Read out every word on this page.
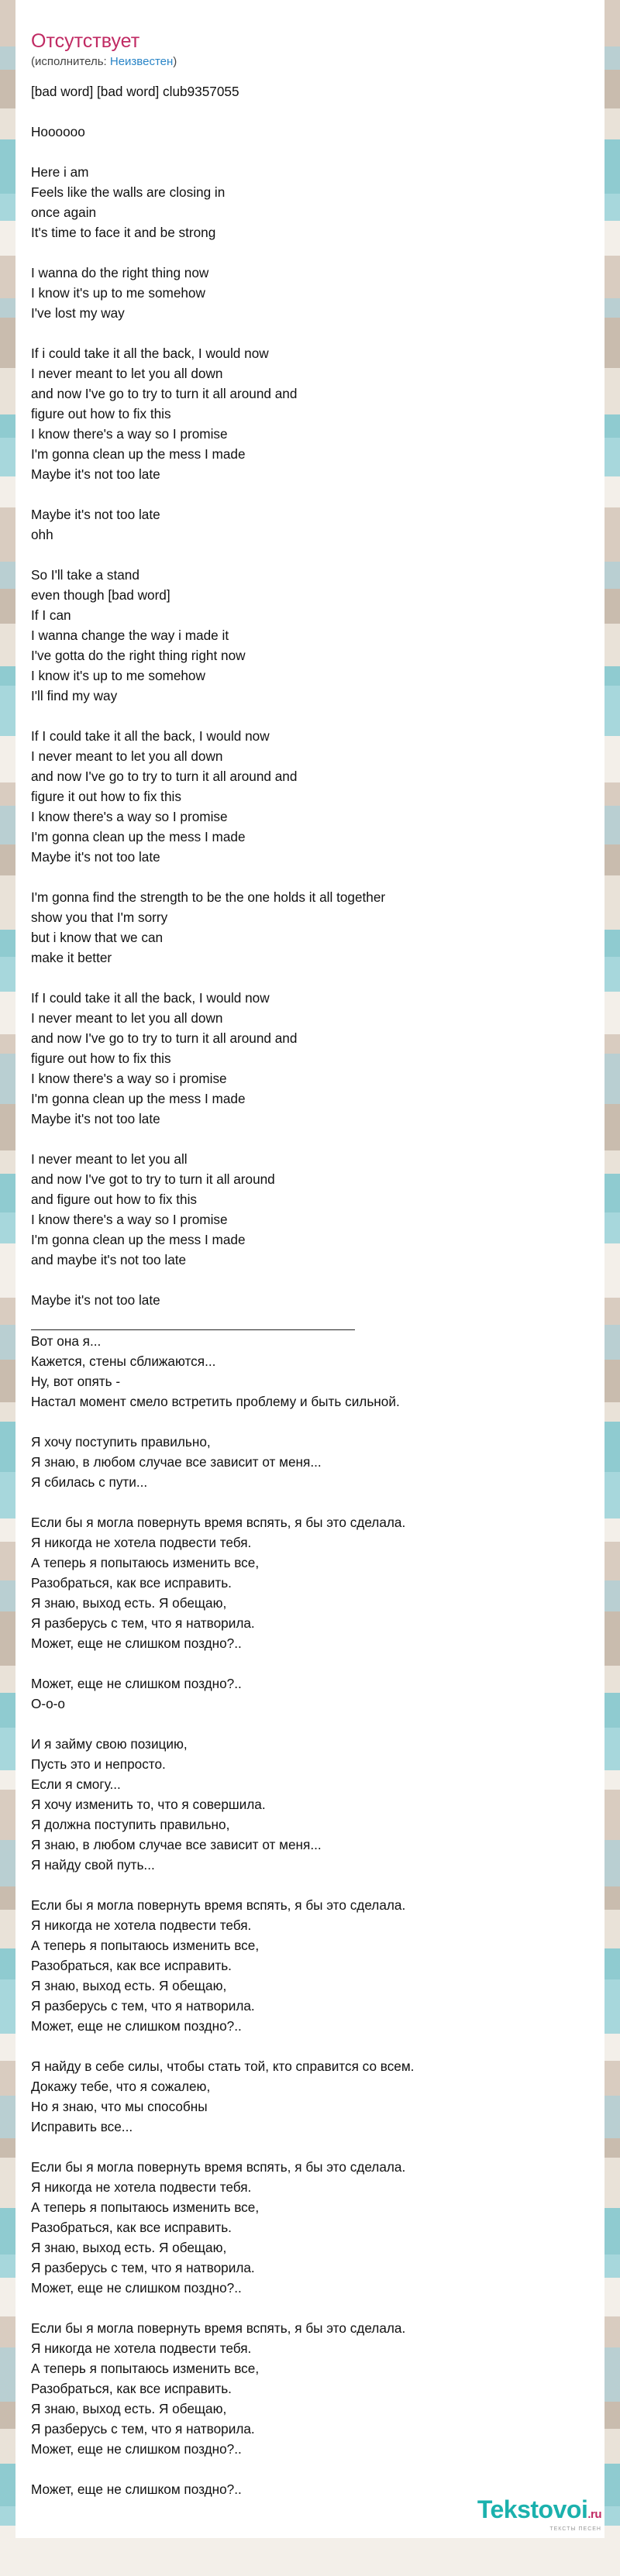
Отсутствует
(исполнитель: Неизвестен)
[bad word] [bad word] club9357055
Hoooooo
Here i am
Feels like the walls are closing in
once again
It's time to face it and be strong
I wanna do the right thing now
I know it's up to me somehow
I've lost my way
If i could take it all the back, I would now
I never meant to let you all down
and now I've go to try to turn it all around and
figure out how to fix this
I know there's a way so I promise
I'm gonna clean up the mess I made
Maybe it's not too late
Maybe it's not too late
ohh
So I'll take a stand
even though [bad word]
If I can
I wanna change the way i made it
I've gotta do the right thing right now
I know it's up to me somehow
I'll find my way
If I could take it all the back, I would now
I never meant to let you all down
and now I've go to try to turn it all around and
figure it out how to fix this
I know there's a way so I promise
I'm gonna clean up the mess I made
Maybe it's not too late
I'm gonna find the strength to be the one holds it all together
show you that I'm sorry
but i know that we can
make it better
If I could take it all the back, I would now
I never meant to let you all down
and now I've go to try to turn it all around and
figure out how to fix this
I know there's a way so i promise
I'm gonna clean up the mess I made
Maybe it's not too late
I never meant to let you all
and now I've got to try to turn it all around
and figure out how to fix this
I know there's a way so I promise
I'm gonna clean up the mess I made
and maybe it's not too late
Maybe it's not too late
Вот она я...
Кажется, стены сближаются...
Ну, вот опять -
Настал момент смело встретить проблему и быть сильной.
Я хочу поступить правильно,
Я знаю, в любом случае все зависит от меня...
Я сбилась с пути...
Если бы я могла повернуть время вспять, я бы это сделала.
Я никогда не хотела подвести тебя.
А теперь я попытаюсь изменить все,
Разобраться, как все исправить.
Я знаю, выход есть. Я обещаю,
Я разберусь с тем, что я натворила.
Может, еще не слишком поздно?..
Может, еще не слишком поздно?..
О-о-о
И я займу свою позицию,
Пусть это и непросто.
Если я смогу...
Я хочу изменить то, что я совершила.
Я должна поступить правильно,
Я знаю, в любом случае все зависит от меня...
Я найду свой путь...
Если бы я могла повернуть время вспять, я бы это сделала.
Я никогда не хотела подвести тебя.
А теперь я попытаюсь изменить все,
Разобраться, как все исправить.
Я знаю, выход есть. Я обещаю,
Я разберусь с тем, что я натворила.
Может, еще не слишком поздно?..
Я найду в себе силы, чтобы стать той, кто справится со всем.
Докажу тебе, что я сожалею,
Но я знаю, что мы способны
Исправить все...
Если бы я могла повернуть время вспять, я бы это сделала.
Я никогда не хотела подвести тебя.
А теперь я попытаюсь изменить все,
Разобраться, как все исправить.
Я знаю, выход есть. Я обещаю,
Я разберусь с тем, что я натворила.
Может, еще не слишком поздно?..
Если бы я могла повернуть время вспять, я бы это сделала.
Я никогда не хотела подвести тебя.
А теперь я попытаюсь изменить все,
Разобраться, как все исправить.
Я знаю, выход есть. Я обещаю,
Я разберусь с тем, что я натворила.
Может, еще не слишком поздно?..
Может, еще не слишком поздно?..
Tekstovoi.ru
ТЕКСТЫ ПЕСЕН
